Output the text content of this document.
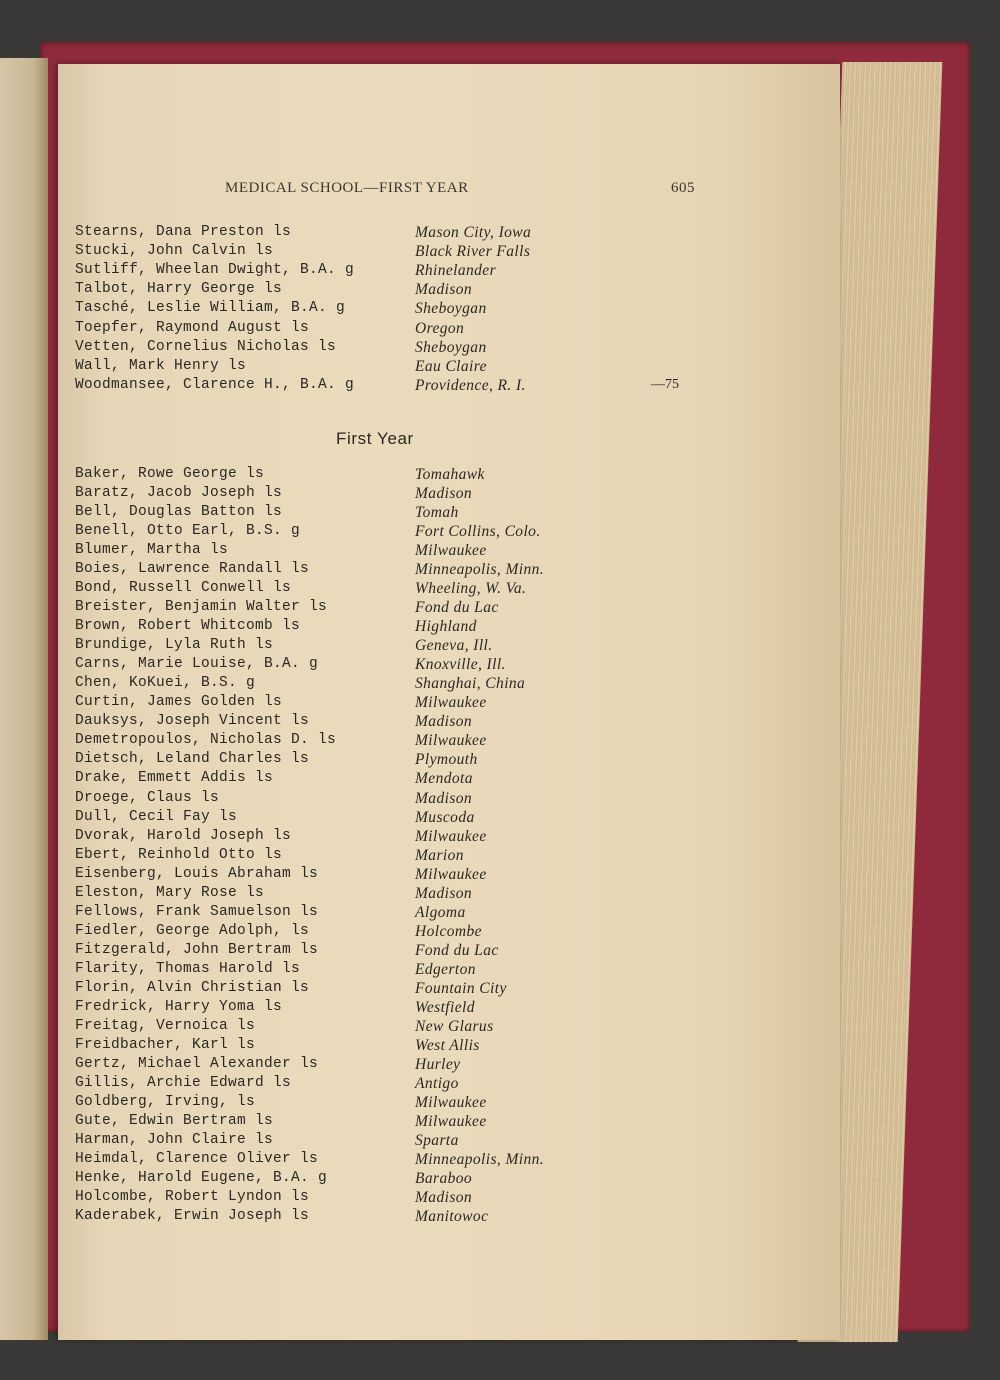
MEDICAL SCHOOL—FIRST YEAR	605
Stearns, Dana Preston ls	Mason City, Iowa
Stucki, John Calvin ls	Black River Falls
Sutliff, Wheelan Dwight, B.A. g	Rhinelander
Talbot, Harry George ls	Madison
Tasché, Leslie William, B.A. g	Sheboygan
Toepfer, Raymond August ls	Oregon
Vetten, Cornelius Nicholas ls	Sheboygan
Wall, Mark Henry ls	Eau Claire
Woodmansee, Clarence H., B.A. g	Providence, R. I.	—75
First Year
Baker, Rowe George ls	Tomahawk
Baratz, Jacob Joseph ls	Madison
Bell, Douglas Batton ls	Tomah
Benell, Otto Earl, B.S. g	Fort Collins, Colo.
Blumer, Martha ls	Milwaukee
Boies, Lawrence Randall ls	Minneapolis, Minn.
Bond, Russell Conwell ls	Wheeling, W. Va.
Breister, Benjamin Walter ls	Fond du Lac
Brown, Robert Whitcomb ls	Highland
Brundige, Lyla Ruth ls	Geneva, Ill.
Carns, Marie Louise, B.A. g	Knoxville, Ill.
Chen, KoKuei, B.S. g	Shanghai, China
Curtin, James Golden ls	Milwaukee
Dauksys, Joseph Vincent ls	Madison
Demetropoulos, Nicholas D. ls	Milwaukee
Dietsch, Leland Charles ls	Plymouth
Drake, Emmett Addis ls	Mendota
Droege, Claus ls	Madison
Dull, Cecil Fay ls	Muscoda
Dvorak, Harold Joseph ls	Milwaukee
Ebert, Reinhold Otto ls	Marion
Eisenberg, Louis Abraham ls	Milwaukee
Eleston, Mary Rose ls	Madison
Fellows, Frank Samuelson ls	Algoma
Fiedler, George Adolph, ls	Holcombe
Fitzgerald, John Bertram ls	Fond du Lac
Flarity, Thomas Harold ls	Edgerton
Florin, Alvin Christian ls	Fountain City
Fredrick, Harry Yoma ls	Westfield
Freitag, Vernoica ls	New Glarus
Freidbacher, Karl ls	West Allis
Gertz, Michael Alexander ls	Hurley
Gillis, Archie Edward ls	Antigo
Goldberg, Irving, ls	Milwaukee
Gute, Edwin Bertram ls	Milwaukee
Harman, John Claire ls	Sparta
Heimdal, Clarence Oliver ls	Minneapolis, Minn.
Henke, Harold Eugene, B.A. g	Baraboo
Holcombe, Robert Lyndon ls	Madison
Kaderabek, Erwin Joseph ls	Manitowoc
